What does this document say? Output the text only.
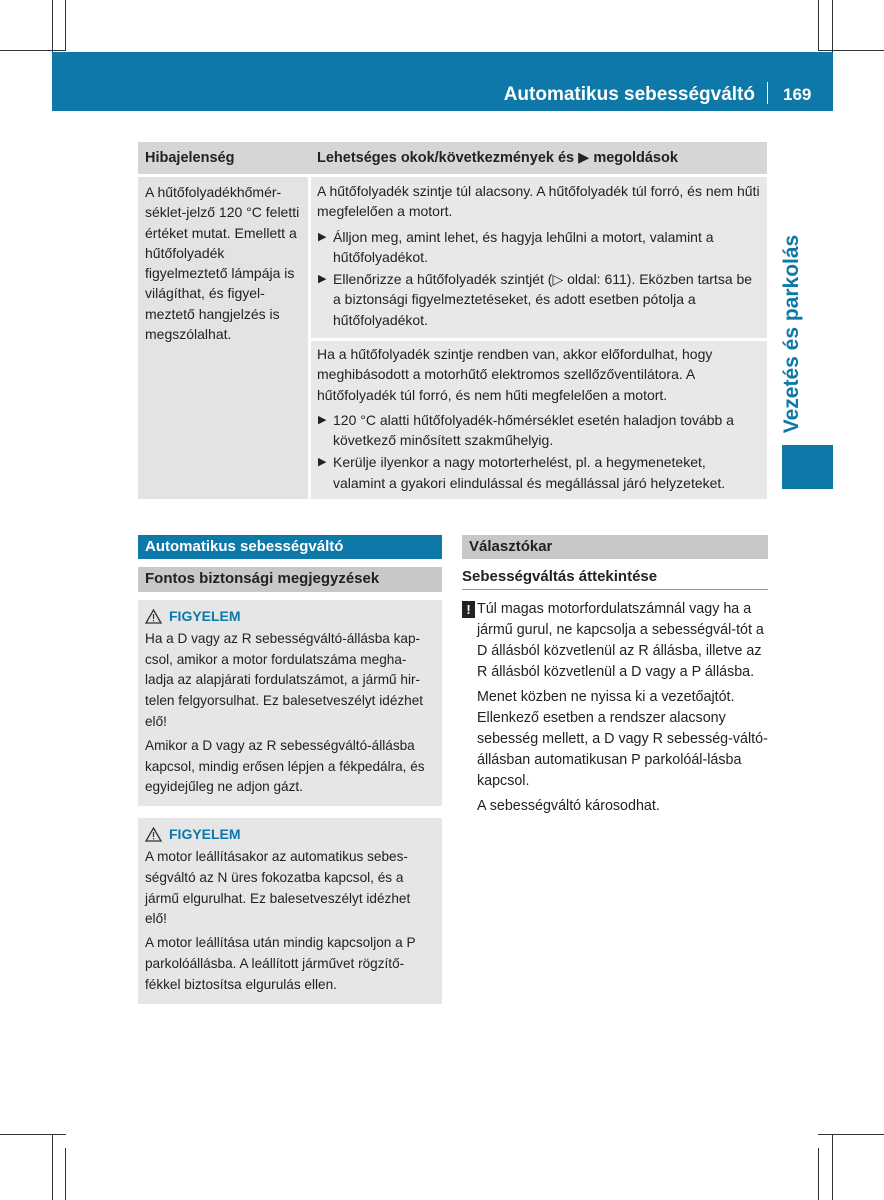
Automatikus sebességváltó 169
Vezetés és parkolás
Hibajelenség	Lehetséges okok/következmények és ▶ megoldások
A hűtőfolyadékhőmér-séklet-jelző 120 °C feletti értéket mutat. Emellett a hűtőfolyadék figyelmeztető lámpája is világíthat, és figyel-meztető hangjelzés is megszólalhat.
A hűtőfolyadék szintje túl alacsony. A hűtőfolyadék túl forró, és nem hűti megfelelően a motort.
▶ Álljon meg, amint lehet, és hagyja lehűlni a motort, valamint a hűtőfolyadékot.
▶ Ellenőrizze a hűtőfolyadék szintjét (▷ oldal: 611). Eközben tartsa be a biztonsági figyelmeztetéseket, és adott esetben pótolja a hűtőfolyadékot.
Ha a hűtőfolyadék szintje rendben van, akkor előfordulhat, hogy meghibásodott a motorhűtő elektromos szellőzőventilátora. A hűtőfolyadék túl forró, és nem hűti megfelelően a motort.
▶ 120 °C alatti hűtőfolyadék-hőmérséklet esetén haladjon tovább a következő minősített szakműhelyig.
▶ Kerülje ilyenkor a nagy motorterhelést, pl. a hegymeneteket, valamint a gyakori elindulással és megállással járó helyzeteket.
Automatikus sebességváltó
Fontos biztonsági megjegyzések
FIGYELEM

Ha a D vagy az R sebességváltó-állásba kap-csol, amikor a motor fordulatszáma megha-ladja az alapjárati fordulatszámot, a jármű hir-telen felgyorsulhat. Ez balesetveszélyt idézhet elő!

Amikor a D vagy az R sebességváltó-állásba kapcsol, mindig erősen lépjen a fékpedálra, és egyidejűleg ne adjon gázt.

FIGYELEM

A motor leállításakor az automatikus sebes-ségváltó az N üres fokozatba kapcsol, és a jármű elgurulhat. Ez balesetveszélyt idézhet elő!

A motor leállítása után mindig kapcsoljon a P parkolóállásba. A leállított járművet rögzítő-fékkel biztosítsa elgurulás ellen.

Választókar
Sebességváltás áttekintése
! Túl magas motorfordulatszámnál vagy ha a jármű gurul, ne kapcsolja a sebességvál-tót a D állásból közvetlenül az R állásba, illetve az R állásból közvetlenül a D vagy a P állásba.
Menet közben ne nyissa ki a vezetőajtót. Ellenkező esetben a rendszer alacsony sebesség mellett, a D vagy R sebesség-váltó-állásban automatikusan P parkolóál-lásba kapcsol.
A sebességváltó károsodhat.
